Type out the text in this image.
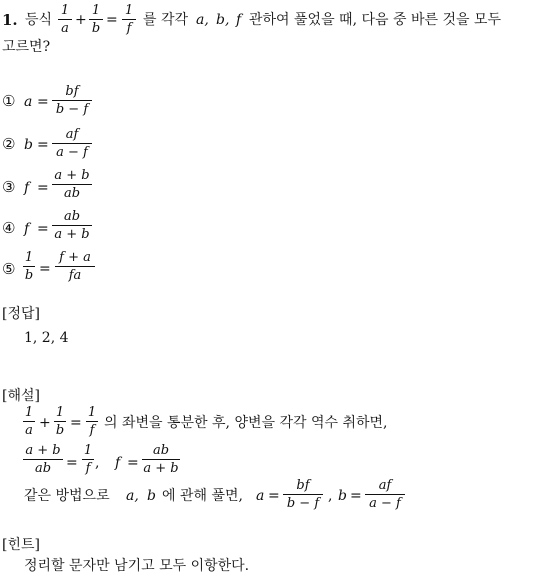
1. 등식
1
a
+
1
b
=
1
f
를 각각 a, b, f 관하여 풀었을 때, 다음 중 바른 것을 모두
고르면?
① a =
bf
b − f
② b =
af
a − f
③ f =
a + b
ab
④ f =
ab
a + b
⑤
1
b =
f + a
fa
[정답]
1, 2, 4
[해설]
1
a +
1
b =
1
f 의 좌변을 통분한 후, 양변을 각각 역수 취하면,
a + b
ab	=
1
f , f =
ab
a + b
같은 방법으로 a, b 에 관해 풀면, a =
bf
b − f , b =
af
a − f
[힌트]
정리할 문자만 남기고 모두 이항한다.
